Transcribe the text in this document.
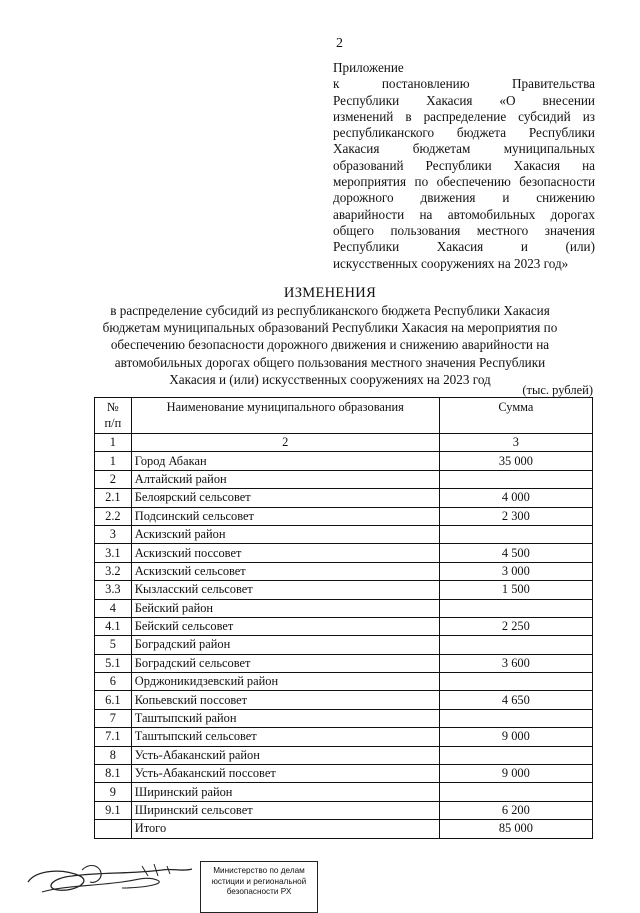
2
Приложение
к постановлению Правительства
Республики Хакасия «О внесении
изменений в распределение субсидий из
республиканского бюджета Республики
Хакасия бюджетам муниципальных
образований Республики Хакасия на
мероприятия по обеспечению безопасности
дорожного движения и снижению
аварийности на автомобильных дорогах
общего пользования местного значения
Республики Хакасия и (или)
искусственных сооружениях на 2023 год»
ИЗМЕНЕНИЯ
в распределение субсидий из республиканского бюджета Республики Хакасия
бюджетам муниципальных образований Республики Хакасия на мероприятия по
обеспечению безопасности дорожного движения и снижению аварийности на
автомобильных дорогах общего пользования местного значения Республики
Хакасия и (или) искусственных сооружениях на 2023 год
(тыс. рублей)
№
п/п	Наименование муниципального образования	Сумма
1	2	3
1	Город Абакан	35 000
2	Алтайский район	
2.1	Белоярский сельсовет	4 000
2.2	Подсинский сельсовет	2 300
3	Аскизский район	
3.1	Аскизский поссовет	4 500
3.2	Аскизский сельсовет	3 000
3.3	Кызласский сельсовет	1 500
4	Бейский район	
4.1	Бейский сельсовет	2 250
5	Боградский район	
5.1	Боградский сельсовет	3 600
6	Орджоникидзевский район	
6.1	Копьевский поссовет	4 650
7	Таштыпский район	
7.1	Таштыпский сельсовет	9 000
8	Усть-Абаканский район	
8.1	Усть-Абаканский поссовет	9 000
9	Ширинский район	
9.1	Ширинский сельсовет	6 200
	Итого	85 000
Министерство по делам
юстиции и региональной
безопасности РХ
